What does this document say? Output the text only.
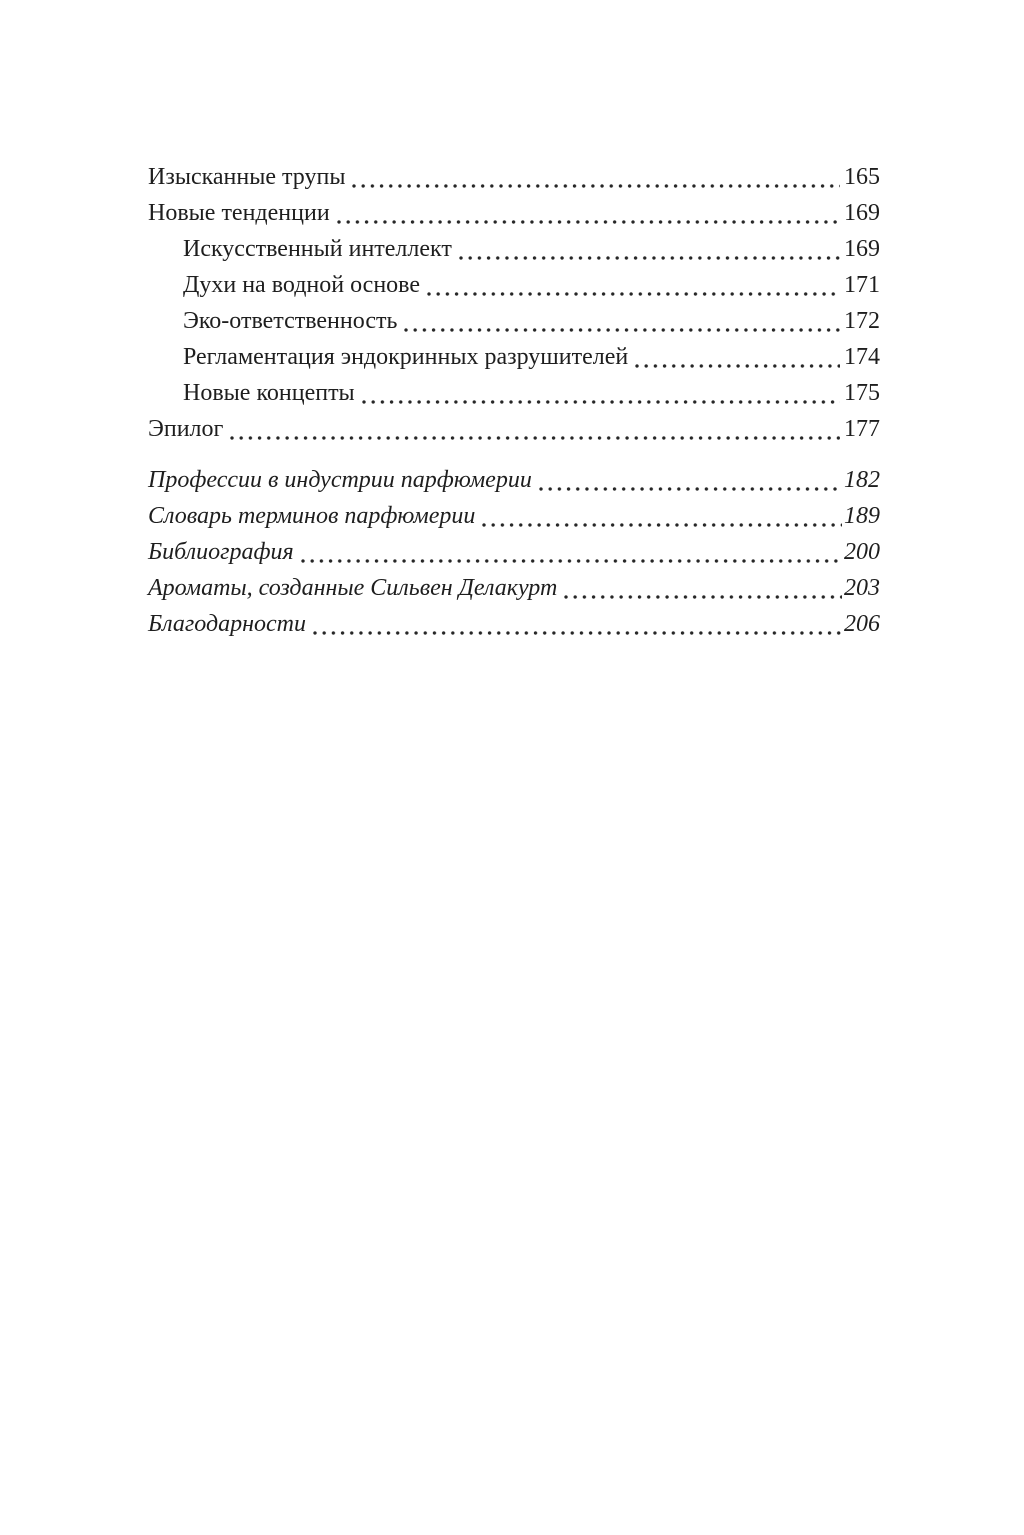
Изысканные трупы	165
Новые тенденции	169
Искусственный интеллект	169
Духи на водной основе	171
Эко-ответственность	172
Регламентация эндокринных разрушителей	174
Новые концепты	175
Эпилог	177
Профессии в индустрии парфюмерии	182
Словарь терминов парфюмерии	189
Библиография	200
Ароматы, созданные Сильвен Делакурт	203
Благодарности	206
